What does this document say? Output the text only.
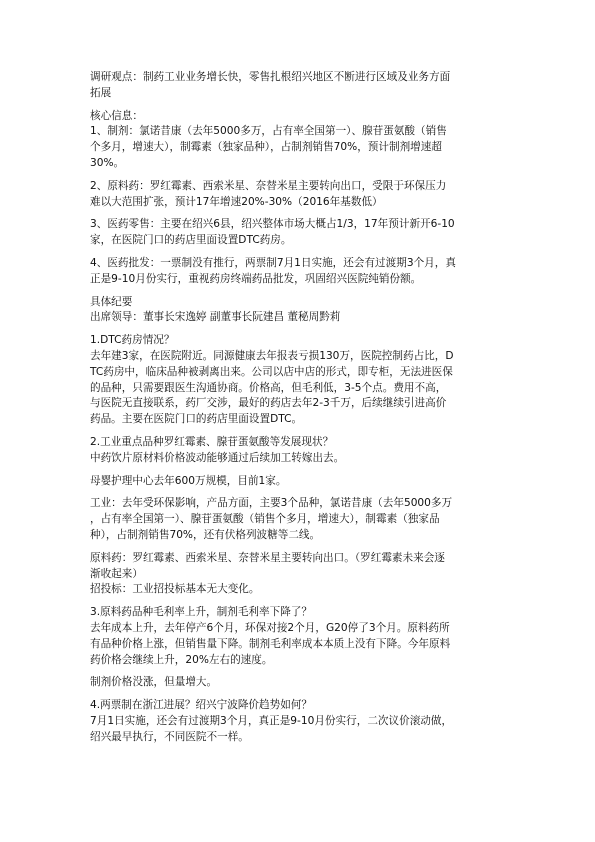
调研观点：制药工业业务增长快，零售扎根绍兴地区不断进行区域及业务方面
拓展
核心信息：
1、制剂：氯诺昔康（去年5000多万，占有率全国第一）、腺苷蛋氨酸（销售
个多月，增速大），制霉素（独家品种），占制剂销售70%，预计制剂增速超
30%。
2、原料药：罗红霉素、西索米星、奈替米星主要转向出口，受限于环保压力
难以大范围扩张，预计17年增速20%-30%（2016年基数低）
3、医药零售：主要在绍兴6县，绍兴整体市场大概占1/3，17年预计新开6-10
家，在医院门口的药店里面设置DTC药房。
4、医药批发：一票制没有推行，两票制7月1日实施，还会有过渡期3个月，真
正是9-10月份实行，重视药房终端药品批发，巩固绍兴医院纯销份额。
具体纪要
出席领导：董事长宋逸婷 副董事长阮建昌 董秘周黔莉
1.DTC药房情况？
去年建3家，在医院附近。同源健康去年报表亏损130万，医院控制药占比，D
TC药房中，临床品种被剥离出来。公司以店中店的形式，即专柜，无法进医保
的品种，只需要跟医生沟通协商。价格高，但毛利低，3-5个点。费用不高，
与医院无直接联系，药厂交涉，最好的药店去年2-3千万，后续继续引进高价
药品。主要在医院门口的药店里面设置DTC。
2.工业重点品种罗红霉素、腺苷蛋氨酸等发展现状？
中药饮片原材料价格波动能够通过后续加工转嫁出去。
母婴护理中心去年600万规模，目前1家。
工业：去年受环保影响，产品方面，主要3个品种，氯诺昔康（去年5000多万
，占有率全国第一）、腺苷蛋氨酸（销售个多月，增速大），制霉素（独家品
种），占制剂销售70%，还有伏格列波糖等二线。
原料药：罗红霉素、西索米星、奈替米星主要转向出口。（罗红霉素未来会逐
渐收起来）
招投标：工业招投标基本无大变化。
3.原料药品种毛利率上升，制剂毛利率下降了？
去年成本上升，去年停产6个月，环保对接2个月，G20停了3个月。原料药所
有品种价格上涨，但销售量下降。制剂毛利率成本本质上没有下降。今年原料
药价格会继续上升，20%左右的速度。
制剂价格没涨，但量增大。
4.两票制在浙江进展？绍兴宁波降价趋势如何？
7月1日实施，还会有过渡期3个月，真正是9-10月份实行，二次议价滚动做，
绍兴最早执行，不同医院不一样。
